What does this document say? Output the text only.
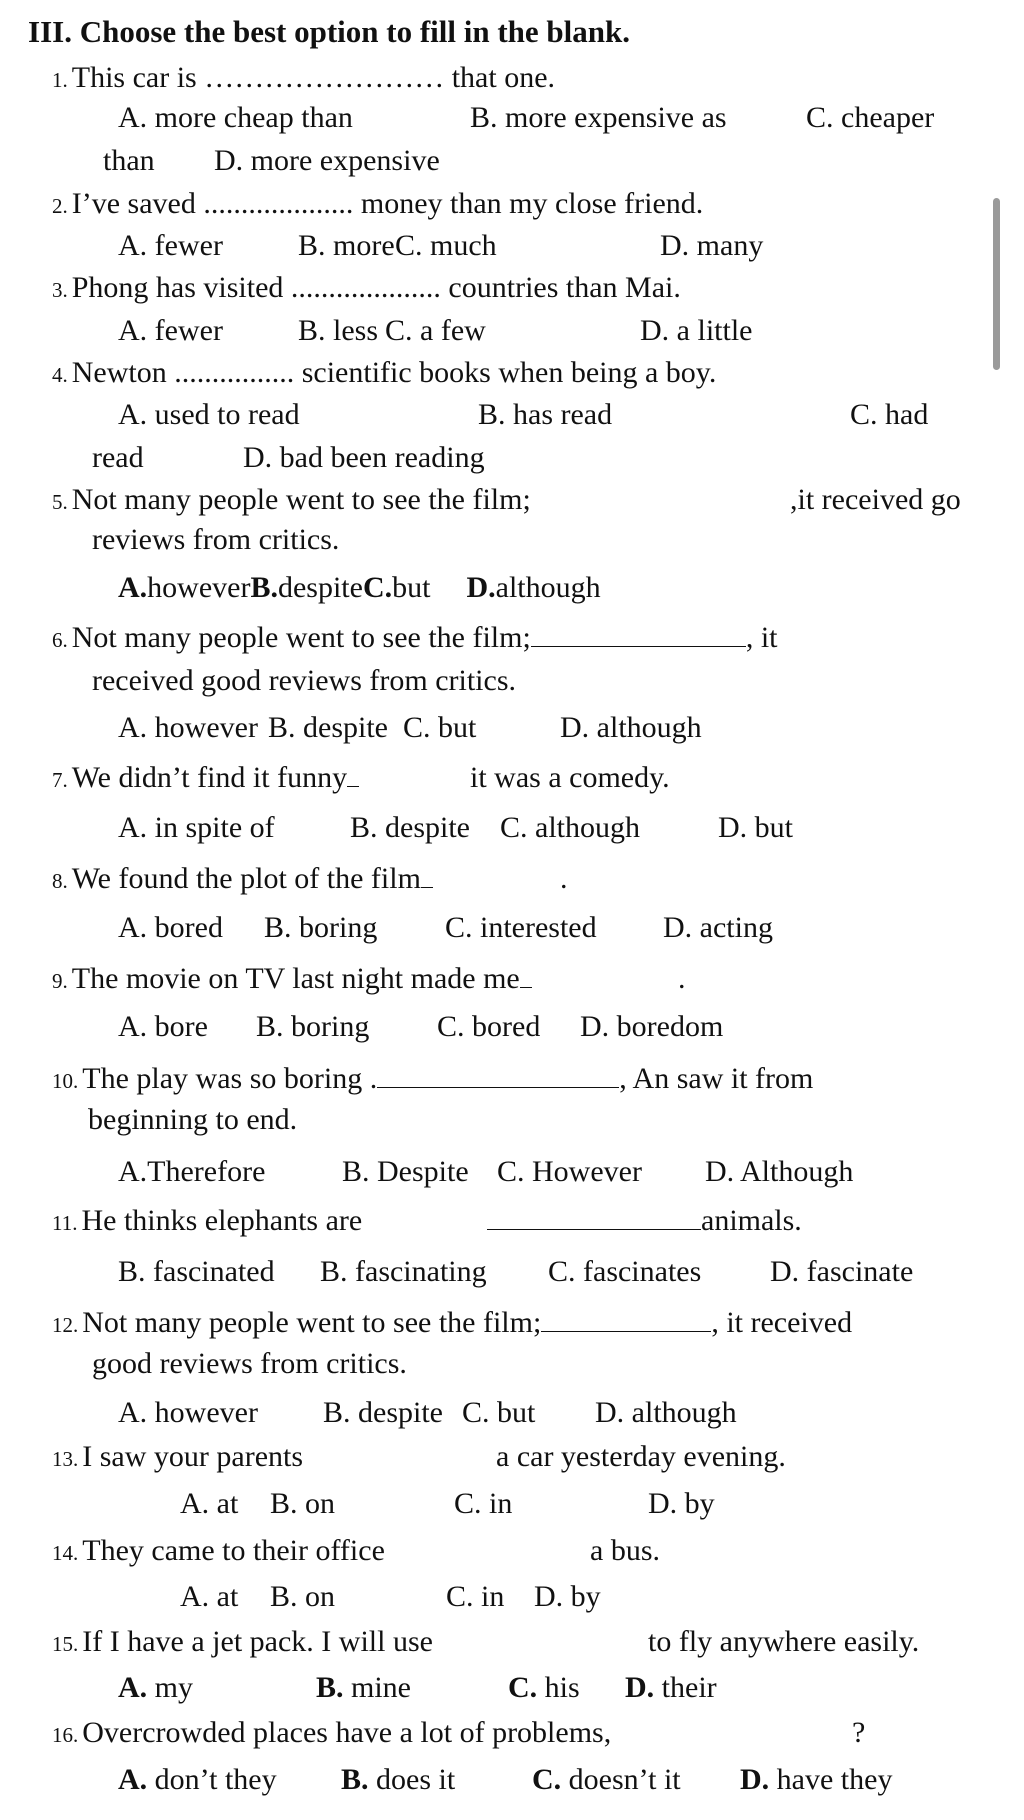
III. Choose the best option to fill in the blank.
1. This car is …………………… that one.
A. more cheap than	B. more expensive as	C. cheaper
than D. more expensive
2. I’ve saved .................... money than my close friend.
A. fewer	B. more C. much	D. many
3. Phong has visited .................... countries than Mai.
A. fewer	B. less C. a few	D. a little
4. Newton ................ scientific books when being a boy.
A. used to read	B. has read	C. had
read	D. bad been reading
5. Not many people went to see the film;	,it received go
reviews from critics.
A.howeverB.despiteC.but D.although
6. Not many people went to see the film;	, it
received good reviews from critics.
A. however B. despite C. but	D. although
7. We didn’t find it funny	it was a comedy.
A. in spite of	B. despite C. although	D. but
8. We found the plot of the film	.
A. bored B. boring C. interested D. acting
9. The movie on TV last night made me	.
A. bore B. boring C. bored D. boredom
10. The play was so boring .	, An saw it from
beginning to end.
A.Therefore	B. Despite C. However D. Although
11. He thinks elephants are	animals.
B. fascinated B. fascinating C. fascinates D. fascinate
12. Not many people went to see the film;	, it received
good reviews from critics.
A. however B. despite C. but D. although
13. I saw your parents	a car yesterday evening.
A. at B. on	C. in	D. by
14. They came to their office	a bus.
A. at B. on	C. in D. by
15. If I have a jet pack. I will use	to fly anywhere easily.
A. my	B. mine	C. his D. their
16. Overcrowded places have a lot of problems,	?
A. don’t they B. does it	C. doesn’t it D. have they
